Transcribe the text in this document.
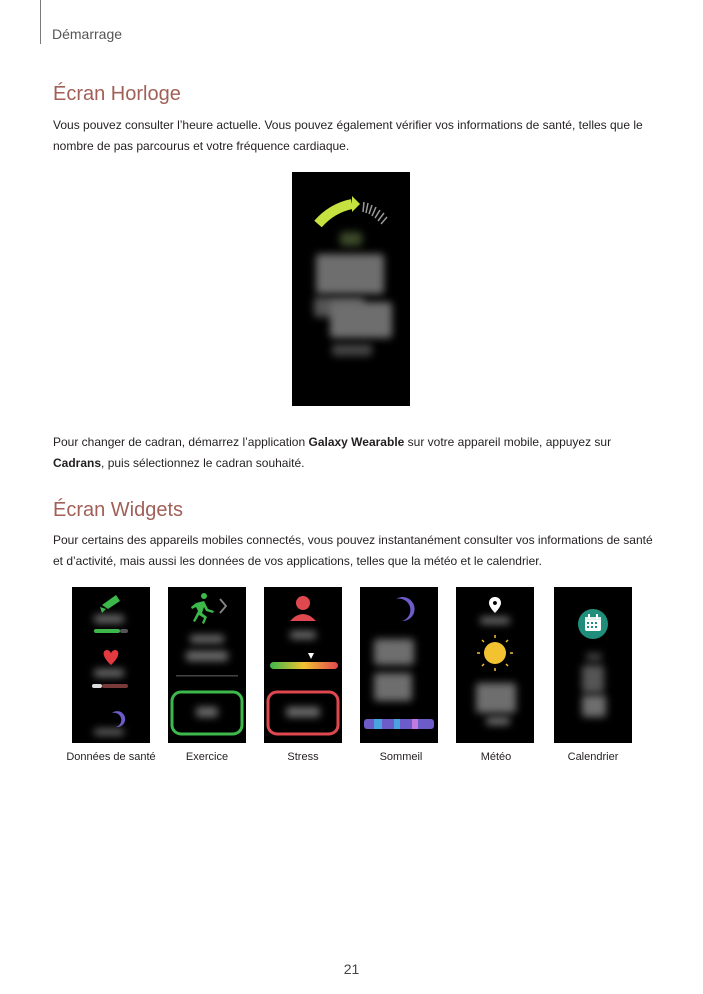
Démarrage
Écran Horloge

Vous pouvez consulter l’heure actuelle. Vous pouvez également vérifier vos informations de santé, telles que le nombre de pas parcourus et votre fréquence cardiaque.

Pour changer de cadran, démarrez l’application Galaxy Wearable sur votre appareil mobile, appuyez sur Cadrans, puis sélectionnez le cadran souhaité.

Écran Widgets

Pour certains des appareils mobiles connectés, vous pouvez instantanément consulter vos informations de santé et d’activité, mais aussi les données de vos applications, telles que la météo et le calendrier.

Données de santé	Exercice	Stress	Sommeil	Météo	Calendrier
21
